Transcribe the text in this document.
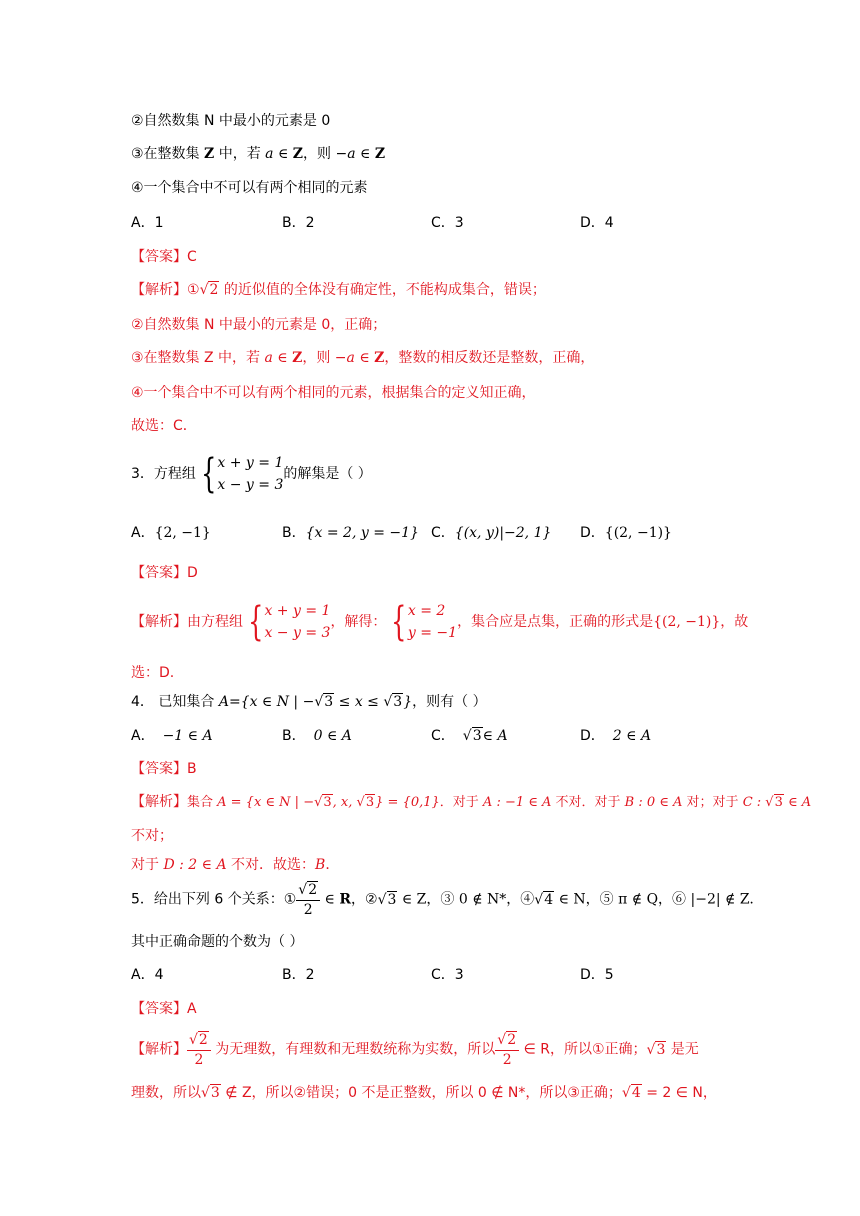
②自然数集 N 中最小的元素是 0
③在整数集 Z 中，若 a ∈ Z，则 −a ∈ Z
④一个集合中不可以有两个相同的元素
A．1	B．2	C．3	D．4
【答案】C
【解析】①√2 的近似值的全体没有确定性，不能构成集合，错误；
②自然数集 N 中最小的元素是 0，正确；
③在整数集 Z 中，若 a ∈ Z，则 −a ∈ Z，整数的相反数还是整数，正确，
④一个集合中不可以有两个相同的元素，根据集合的定义知正确，
故选：C．
3．方程组 { x + y = 1
x − y = 3
的解集是（ ）
A．{2, −1}	B．{x = 2, y = −1} C．{(x, y)|−2, 1} D．{(2, −1)}
【答案】D
【解析】由方程组 { x + y = 1
x − y = 3
，解得： { x = 2
y = −1
，集合应是点集，正确的形式是{(2, −1)}，故
选：D.
4． 已知集合 A={x ∈ N | −√3 ≤ x ≤ √3}，则有（ ）
A． −1 ∈ A	B． 0 ∈ A	C． √3∈ A	D． 2 ∈ A
【答案】B
【解析】集合 A = {x ∈ N | −√3, x, √3} = {0,1}．对于 A : −1 ∈ A 不对．对于 B : 0 ∈ A 对；对于 C : √3 ∈ A
不对；
对于 D : 2 ∈ A 不对．故选：B．
5．给出下列 6 个关系：① $\frac{√2}{2}$ ∈ R，②√3 ∈ Z，③ 0 ∉ N*，④√4 ∈ N，⑤ π ∉ Q，⑥ |−2| ∉ Z.
其中正确命题的个数为（ ）
A．4	B．2	C．3	D．5
【答案】A
【解析】 $\frac{√2}{2}$ 为无理数，有理数和无理数统称为实数，所以 $\frac{√2}{2}$ ∈ R，所以①正确；√3 是无
理数，所以√3 ∉ Z，所以②错误；0 不是正整数，所以 0 ∉ N*，所以③正确；√4 = 2 ∈ N，
